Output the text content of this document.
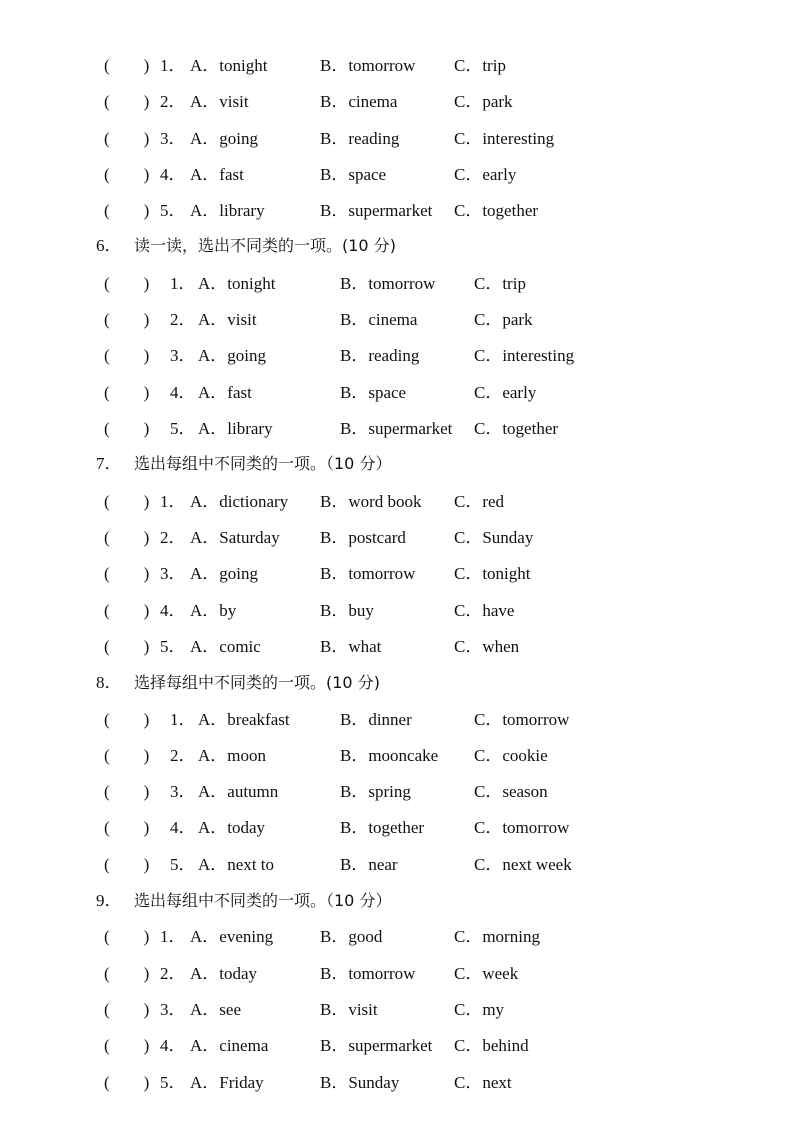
(　　) 1． A．tonight	B．tomorrow C．trip
(　　) 2． A．visit	B．cinema	C．park
(　　) 3． A．going	B．reading	C．interesting
(　　) 4． A．fast	B．space	C．early
(　　) 5． A．library	B．supermarket C．together
6． 读一读，选出不同类的一项。(10 分)
(　　) 1． A．tonight	B．tomorrow C．trip
(　　) 2． A．visit	B．cinema	C．park
(　　) 3． A．going	B．reading	C．interesting
(　　) 4． A．fast	B．space	C．early
(　　) 5． A．library	B．supermarket C．together
7． 选出每组中不同类的一项。（10 分）
(　　) 1． A．dictionary B．word book C．red
(　　) 2． A．Saturday B．postcard	C．Sunday
(　　) 3． A．going	B．tomorrow C．tonight
(　　) 4． A．by	B．buy	C．have
(　　) 5． A．comic	B．what	C．when
8． 选择每组中不同类的一项。(10 分)
(　　) 1． A．breakfast	B．dinner	C．tomorrow
(　　) 2． A．moon	B．mooncake C．cookie
(　　) 3． A．autumn	B．spring	C．season
(　　) 4． A．today	B．together	C．tomorrow
(　　) 5． A．next to	B．near	C．next week
9． 选出每组中不同类的一项。（10 分）
(　　) 1． A．evening	B．good	C．morning
(　　) 2． A．today	B．tomorrow C．week
(　　) 3． A．see	B．visit	C．my
(　　) 4． A．cinema	B．supermarket C．behind
(　　) 5． A．Friday	B．Sunday	C．next
